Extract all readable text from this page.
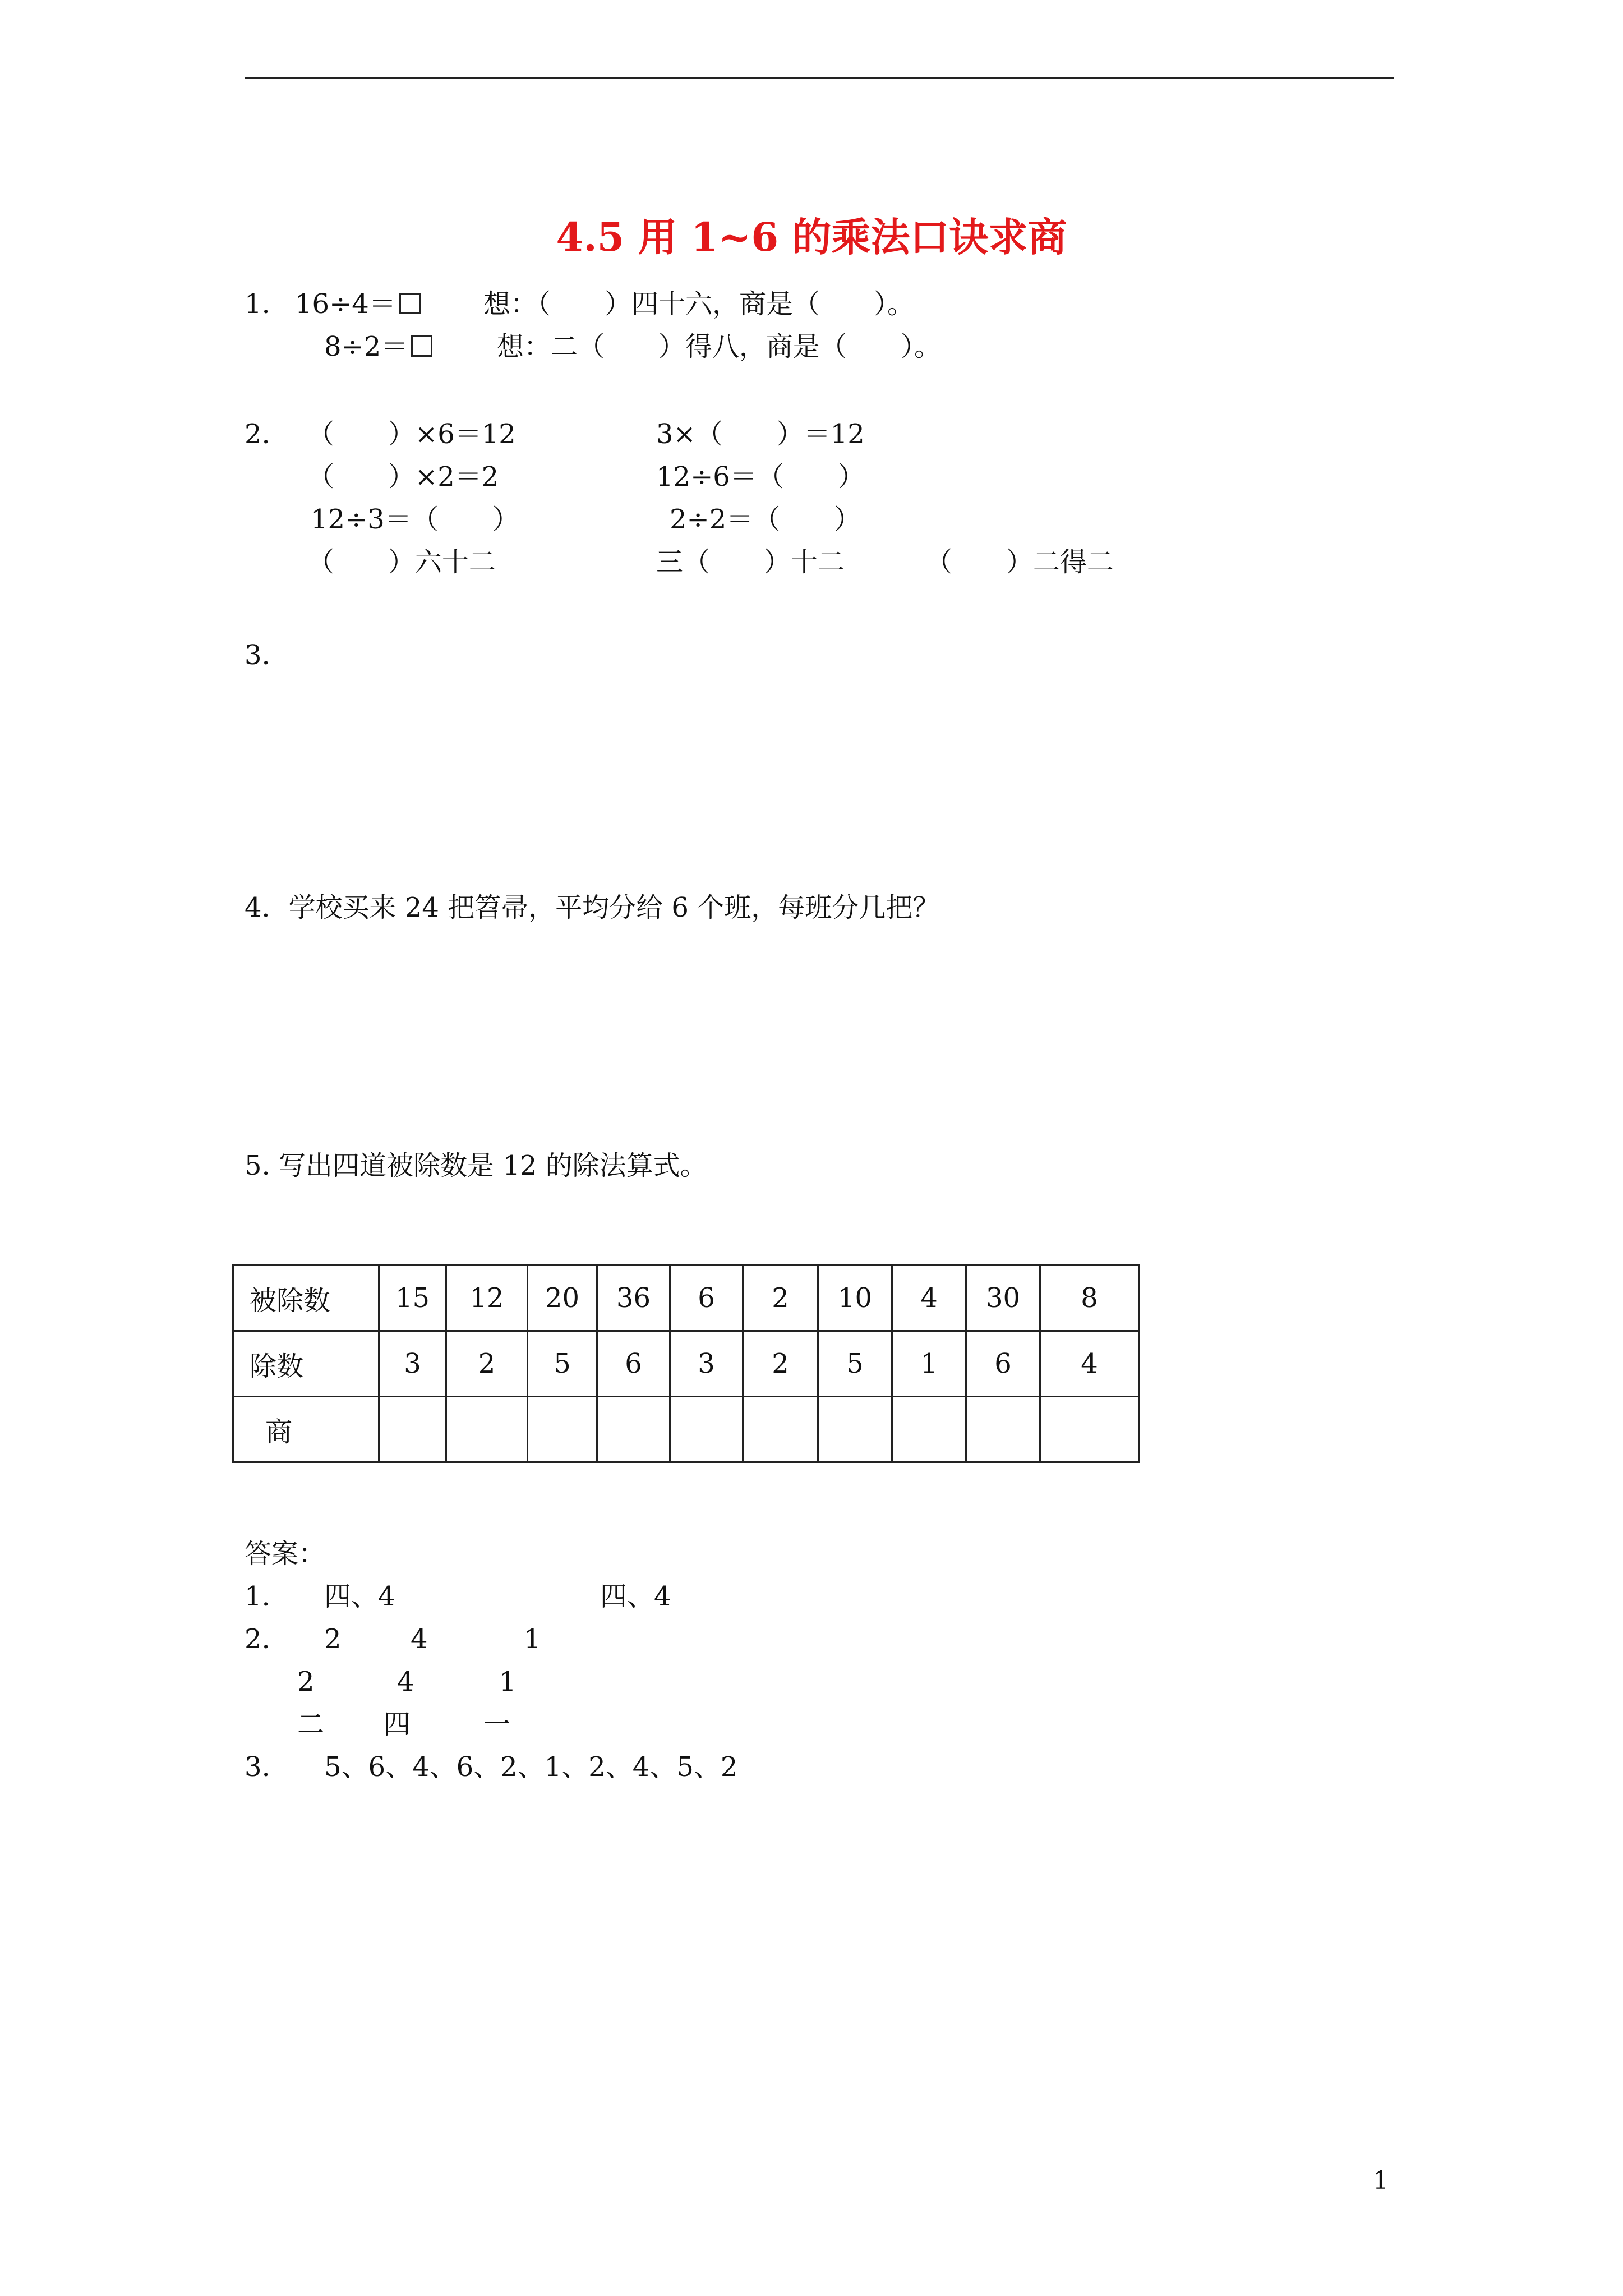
4.5 用 1~6 的乘法口诀求商
1. 16÷4＝	想：（　　）四十六，商是（　　）。
8÷2＝	想：二（　　）得八，商是（　　）。
2. （　　）×6＝12	3×（　　）＝12
（　　）×2＝2	12÷6＝（　　）
12÷3＝（　　）	2÷2＝（　　）
（　　）六十二	三（　　）十二	（　　）二得二
3.
4．学校买来 24 把笤帚，平均分给 6 个班，每班分几把？
5. 写出四道被除数是 12 的除法算式。
被除数	15	12	20	36	6	2	10	4	30	8
除数	3	2	5	6	3	2	5	1	6	4
商										
答案：
1. 四、4	四、4
2. 2	4	1
2	4	1
二 四	一
3. 5、6、4、6、2、1、2、4、5、2
1
